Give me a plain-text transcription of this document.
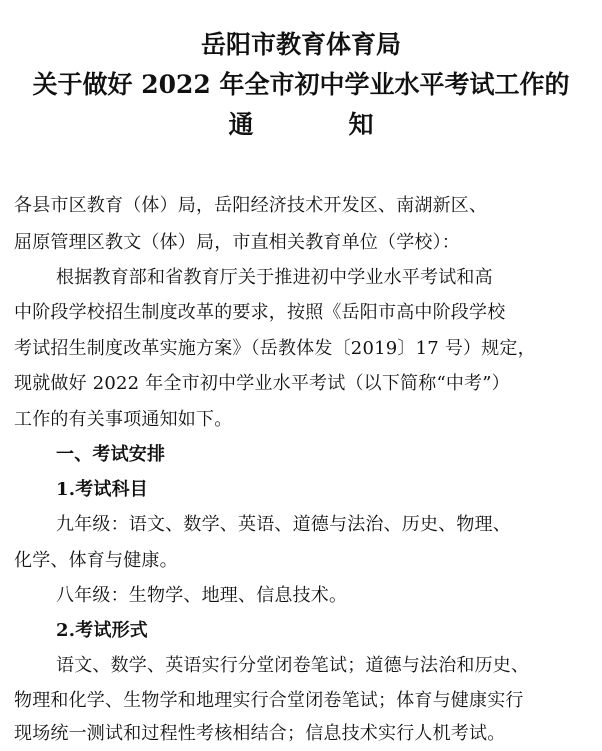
岳阳市教育体育局
关于做好 2022 年全市初中学业水平考试工作的
通	知
各县市区教育（体）局，岳阳经济技术开发区、南湖新区、
屈原管理区教文（体）局，市直相关教育单位（学校）：
根据教育部和省教育厅关于推进初中学业水平考试和高
中阶段学校招生制度改革的要求，按照《岳阳市高中阶段学校
考试招生制度改革实施方案》（岳教体发〔2019〕17 号）规定，
现就做好 2022 年全市初中学业水平考试（以下简称“中考”）
工作的有关事项通知如下。
一、考试安排
1.考试科目
九年级：语文、数学、英语、道德与法治、历史、物理、
化学、体育与健康。
八年级：生物学、地理、信息技术。
2.考试形式
语文、数学、英语实行分堂闭卷笔试；道德与法治和历史、
物理和化学、生物学和地理实行合堂闭卷笔试；体育与健康实行
现场统一测试和过程性考核相结合；信息技术实行人机考试。
